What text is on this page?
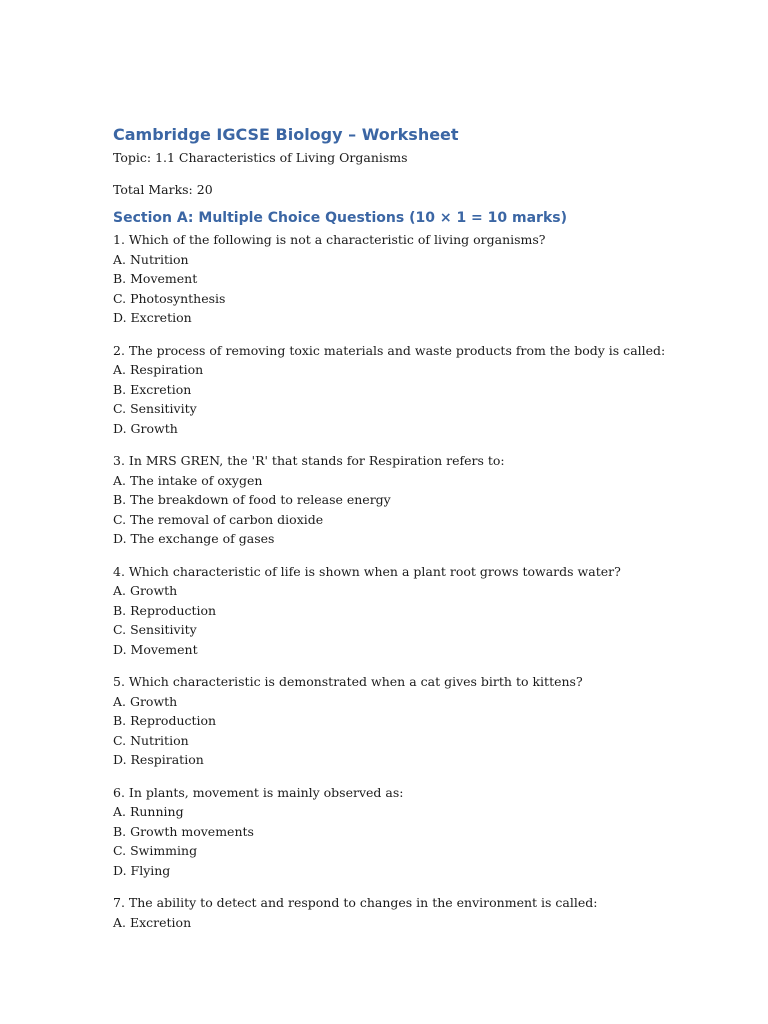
Cambridge IGCSE Biology – Worksheet

Topic: 1.1 Characteristics of Living Organisms

Total Marks: 20

Section A: Multiple Choice Questions (10 × 1 = 10 marks)

1. Which of the following is not a characteristic of living organisms?

A. Nutrition
B. Movement
C. Photosynthesis
D. Excretion

2. The process of removing toxic materials and waste products from the body is called:

A. Respiration
B. Excretion
C. Sensitivity
D. Growth

3. In MRS GREN, the 'R' that stands for Respiration refers to:

A. The intake of oxygen
B. The breakdown of food to release energy
C. The removal of carbon dioxide
D. The exchange of gases

4. Which characteristic of life is shown when a plant root grows towards water?

A. Growth
B. Reproduction
C. Sensitivity
D. Movement

5. Which characteristic is demonstrated when a cat gives birth to kittens?

A. Growth
B. Reproduction
C. Nutrition
D. Respiration

6. In plants, movement is mainly observed as:

A. Running
B. Growth movements
C. Swimming
D. Flying

7. The ability to detect and respond to changes in the environment is called:

A. Excretion
